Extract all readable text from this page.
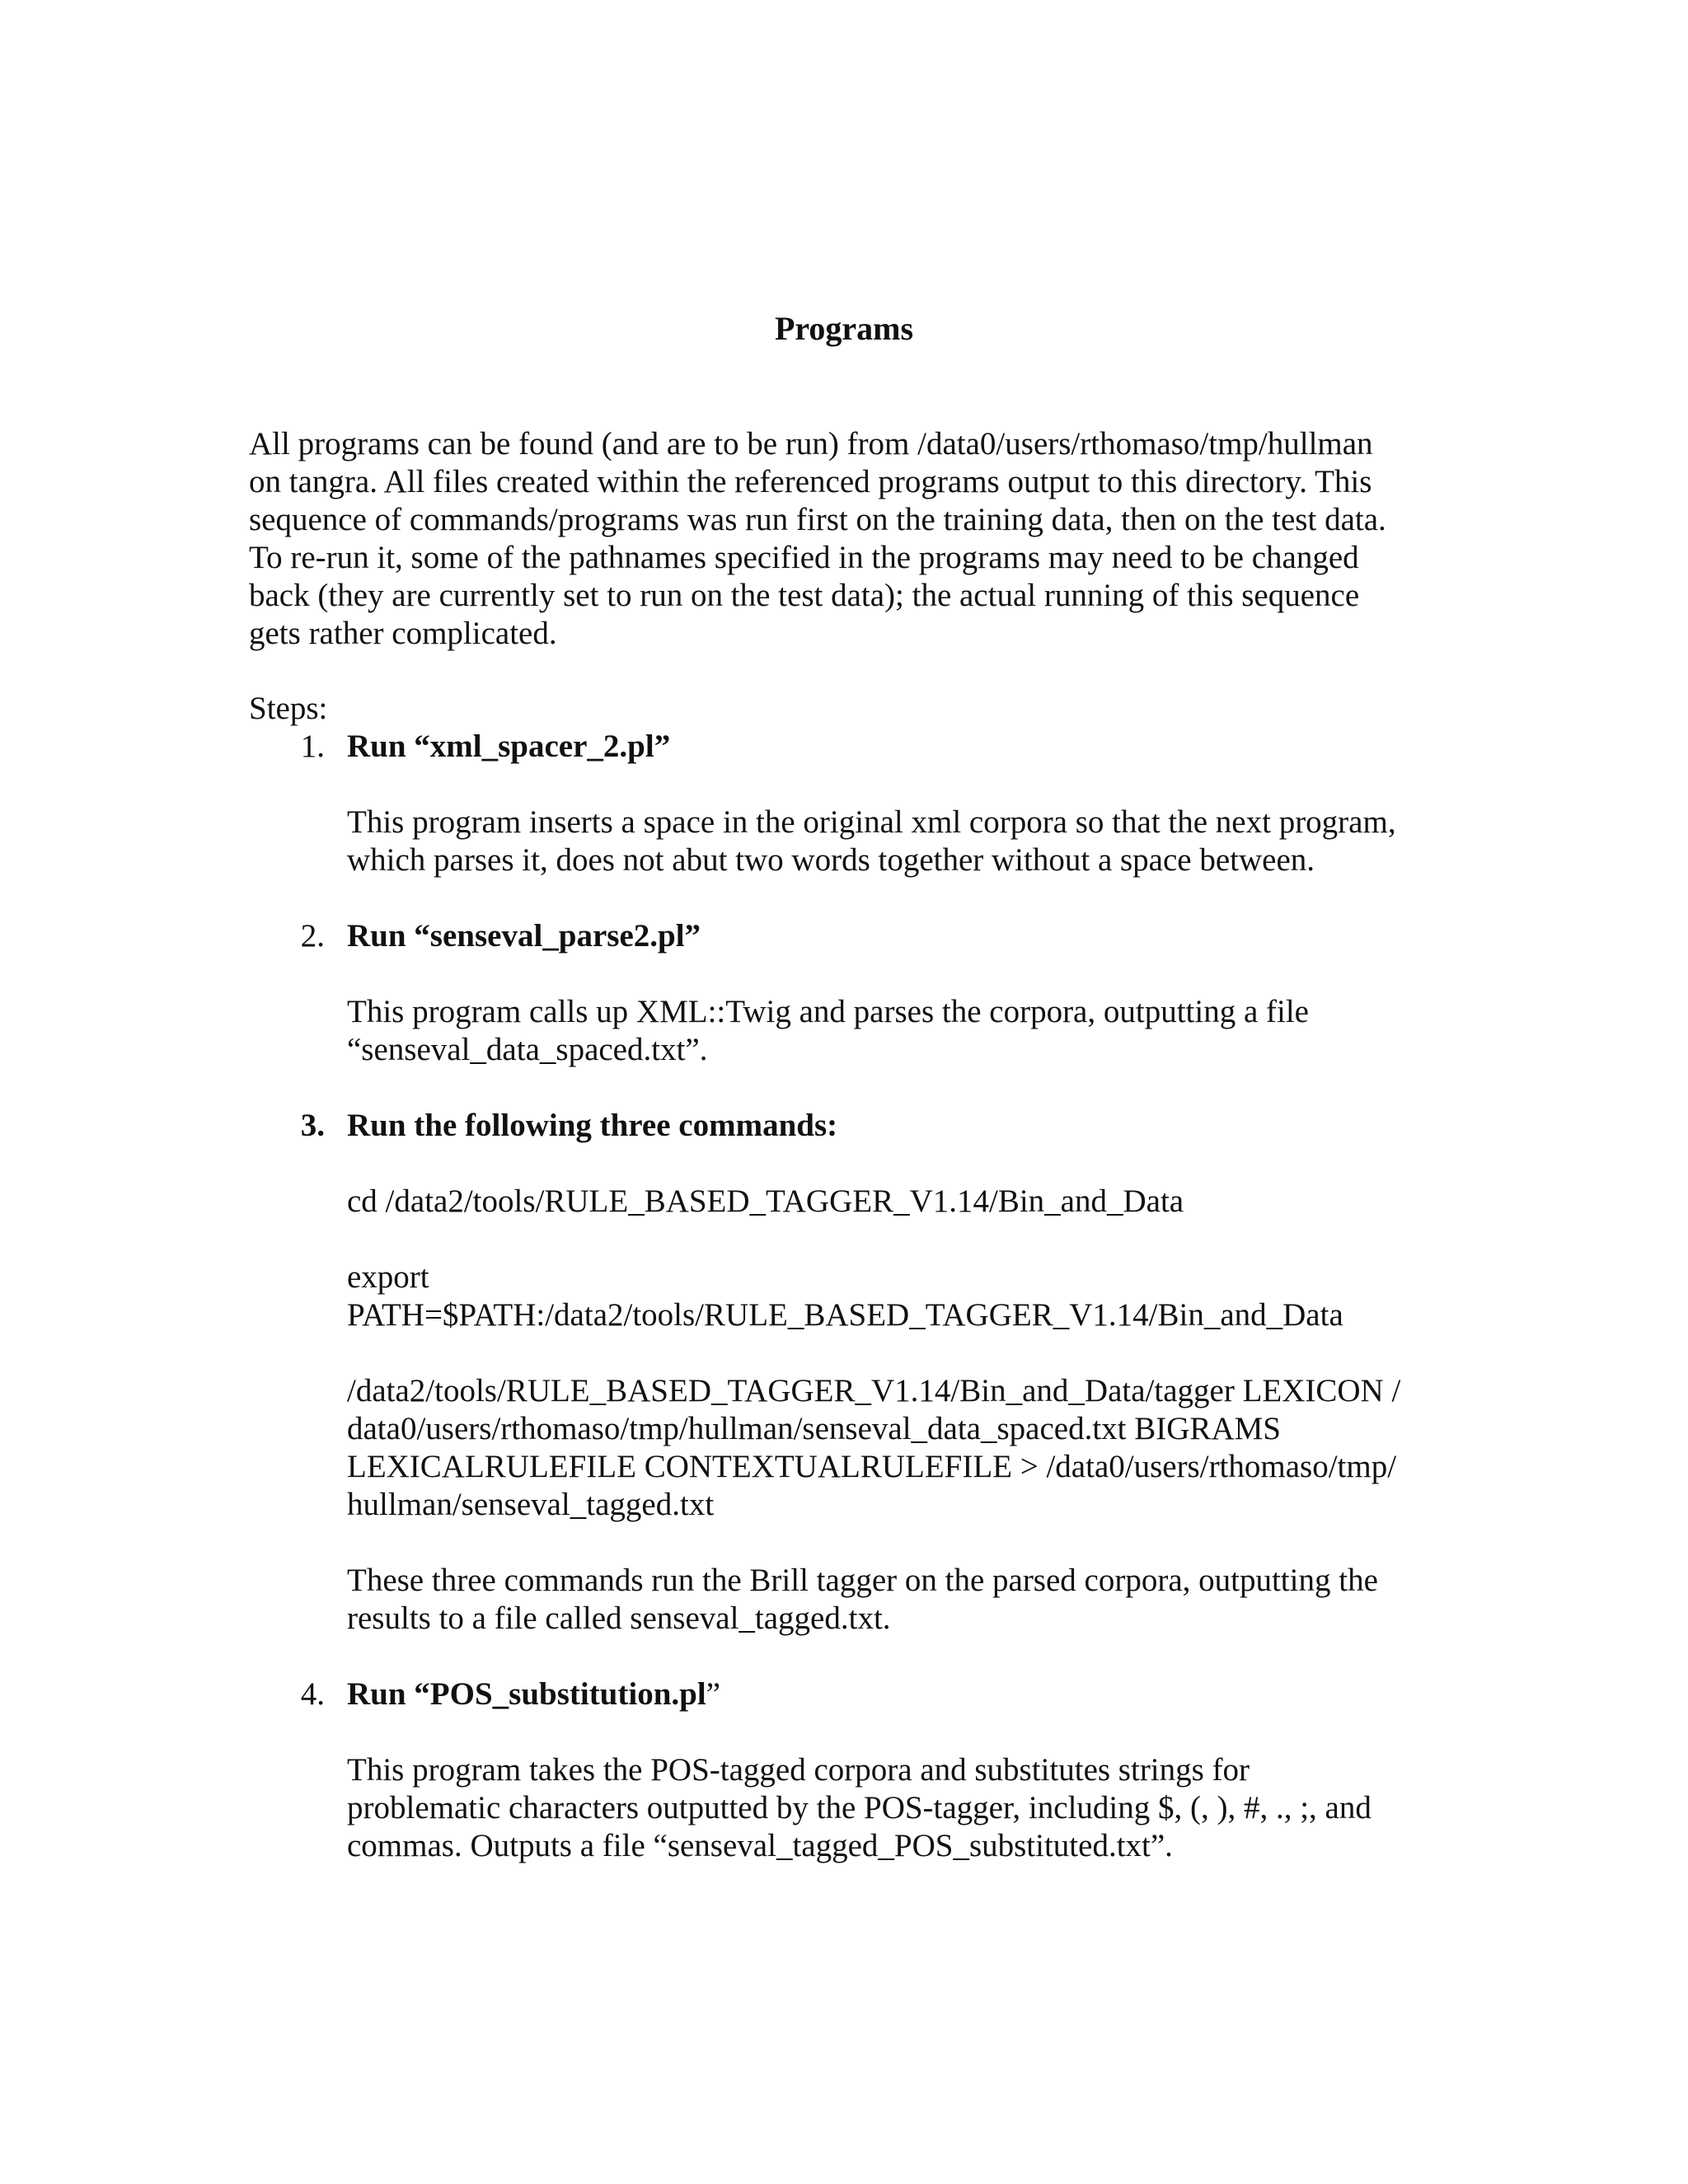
Programs

All programs can be found (and are to be run) from /data0/users/rthomaso/tmp/hullman
on tangra. All files created within the referenced programs output to this directory. This
sequence of commands/programs was run first on the training data, then on the test data.
To re-run it, some of the pathnames specified in the programs may need to be changed
back (they are currently set to run on the test data); the actual running of this sequence
gets rather complicated.

Steps:

1. Run “xml_spacer_2.pl”

This program inserts a space in the original xml corpora so that the next program,
which parses it, does not abut two words together without a space between.

2. Run “senseval_parse2.pl”

This program calls up XML::Twig and parses the corpora, outputting a file
“senseval_data_spaced.txt”.

3. Run the following three commands:

cd /data2/tools/RULE_BASED_TAGGER_V1.14/Bin_and_Data

export
PATH=$PATH:/data2/tools/RULE_BASED_TAGGER_V1.14/Bin_and_Data

/data2/tools/RULE_BASED_TAGGER_V1.14/Bin_and_Data/tagger LEXICON /
data0/users/rthomaso/tmp/hullman/senseval_data_spaced.txt BIGRAMS
LEXICALRULEFILE CONTEXTUALRULEFILE > /data0/users/rthomaso/tmp/
hullman/senseval_tagged.txt

These three commands run the Brill tagger on the parsed corpora, outputting the
results to a file called senseval_tagged.txt.

4. Run “POS_substitution.pl”

This program takes the POS-tagged corpora and substitutes strings for
problematic characters outputted by the POS-tagger, including $, (, ), #, ., ;, and
commas. Outputs a file “senseval_tagged_POS_substituted.txt”.
